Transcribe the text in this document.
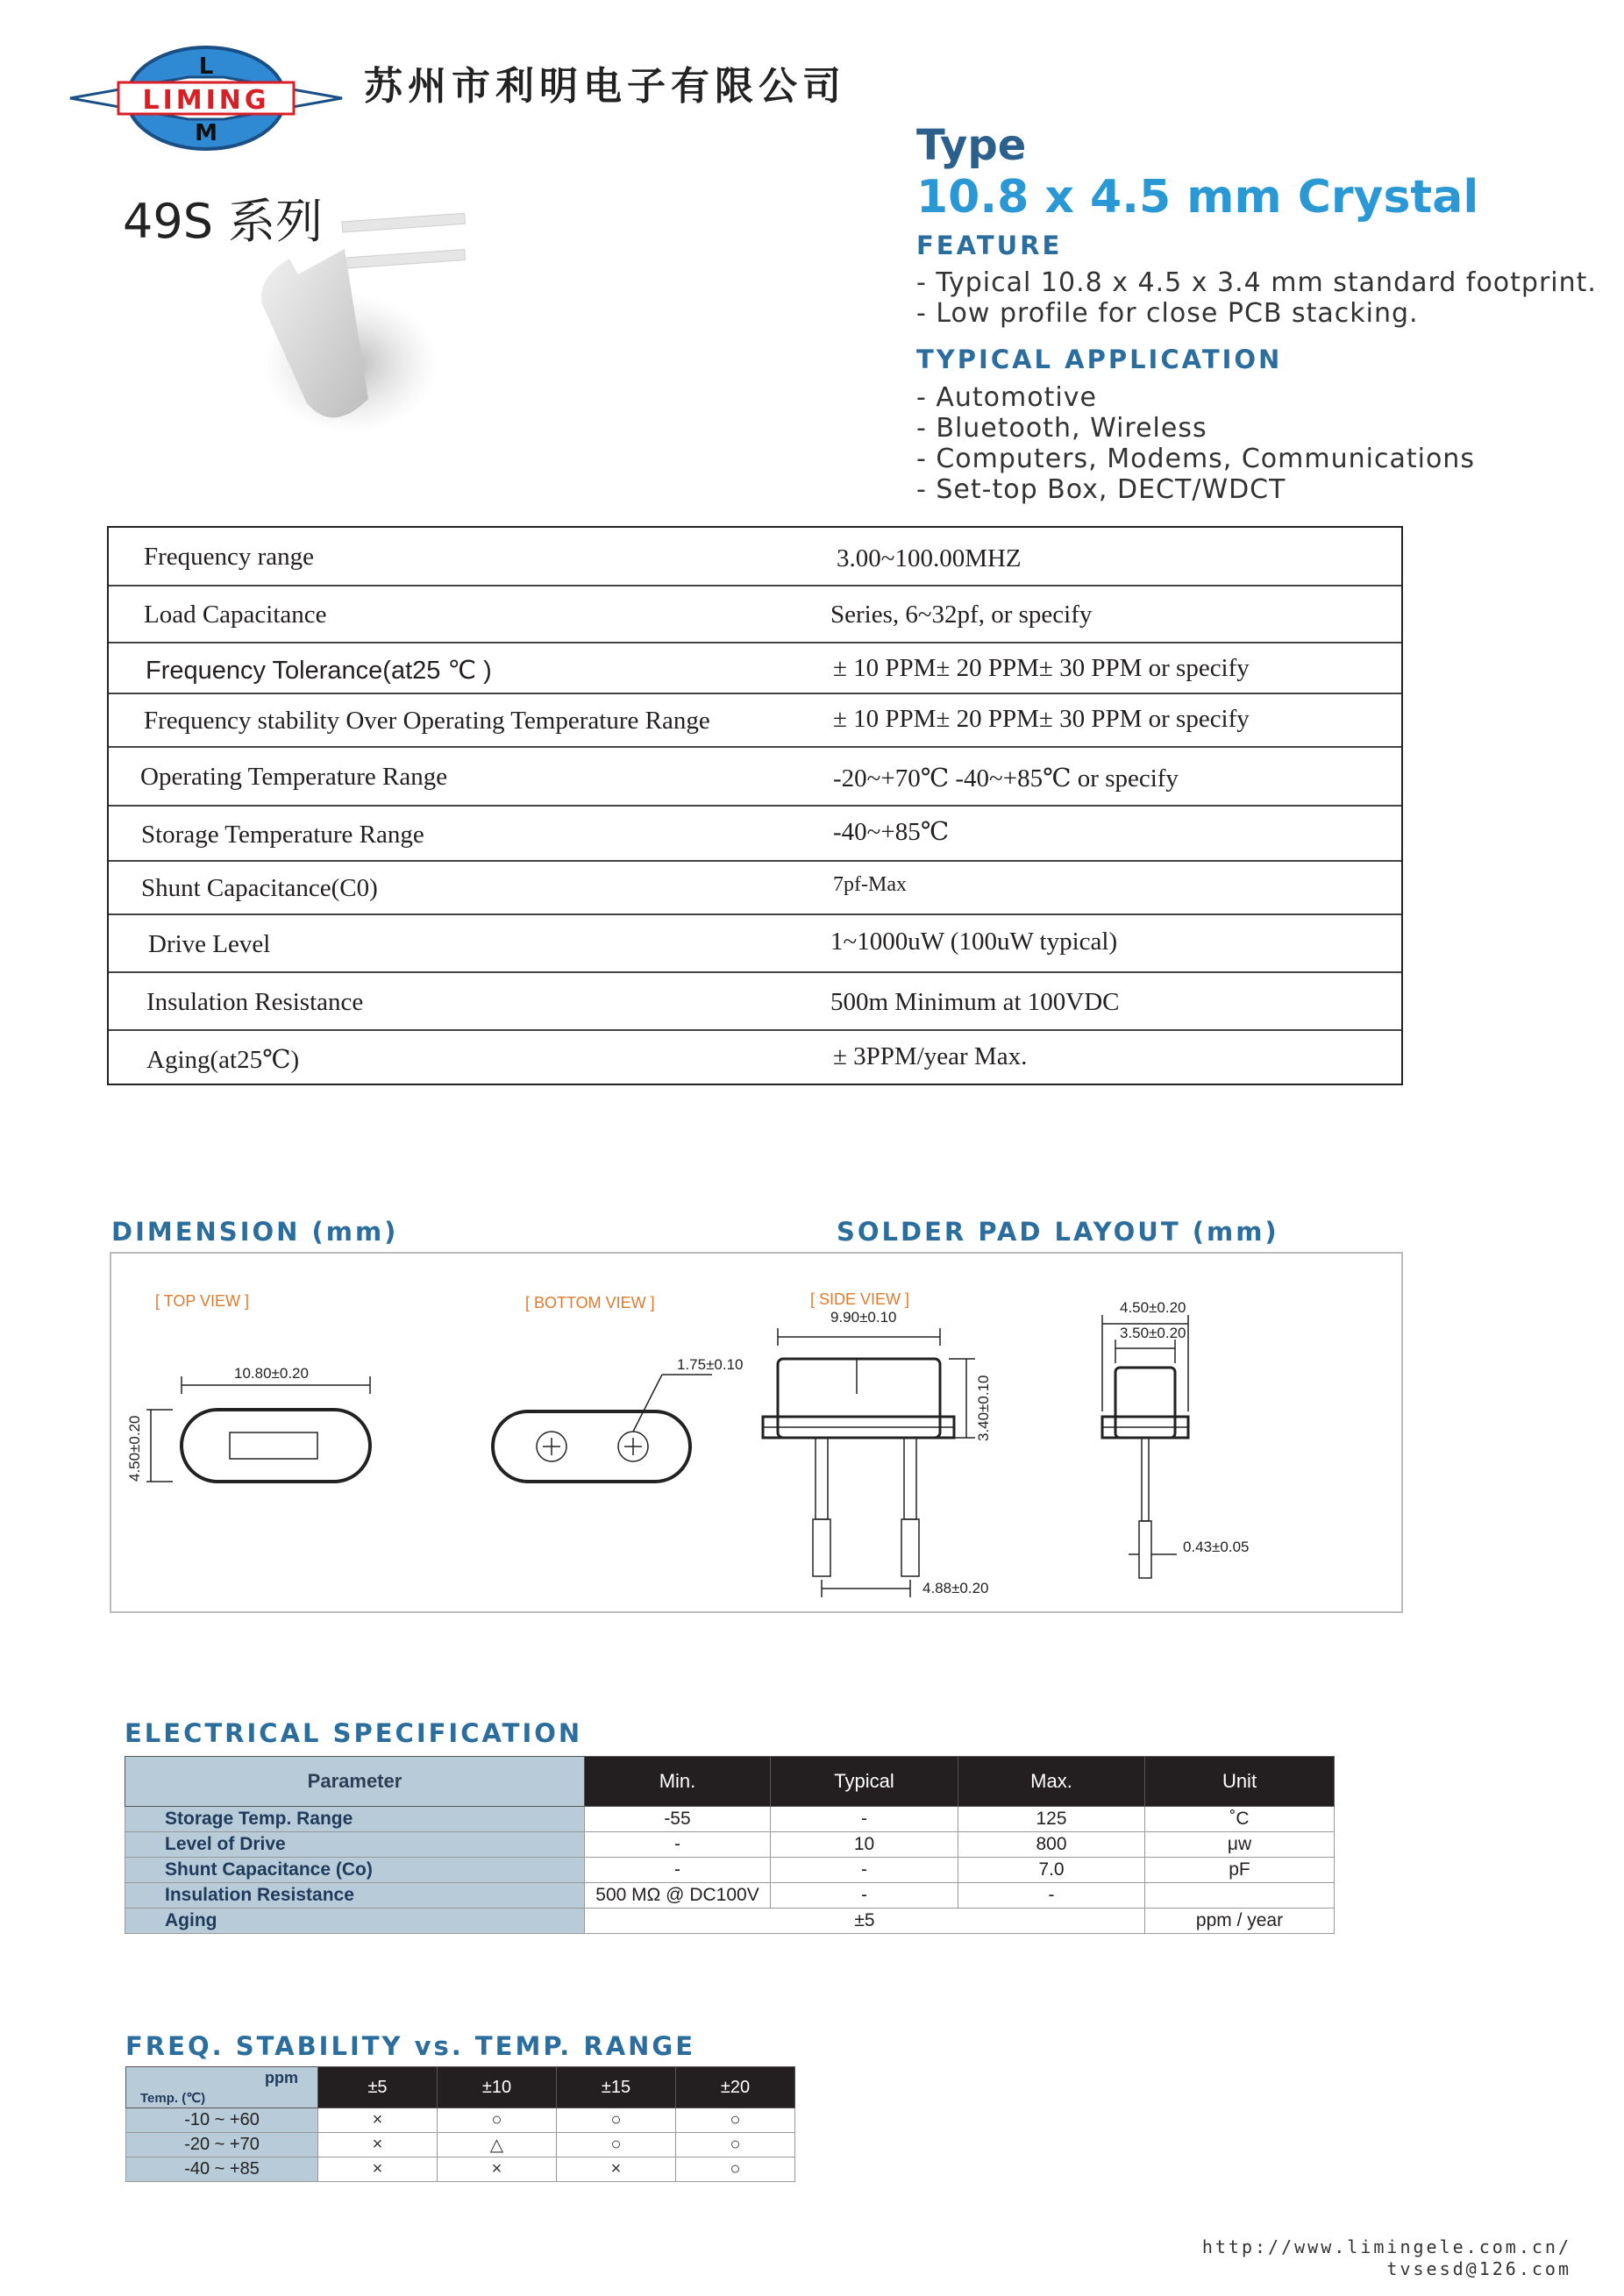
LIMING
L
M
苏州市利明电子有限公司
49S 系列
Type
10.8 x 4.5 mm Crystal
FEATURE
- Typical 10.8 x 4.5 x 3.4 mm standard footprint.
- Low profile for close PCB stacking.
TYPICAL APPLICATION
- Automotive
- Bluetooth, Wireless
- Computers, Modems, Communications
- Set-top Box, DECT/WDCT
Frequency range	3.00~100.00MHZ
Load Capacitance	Series, 6~32pf, or specify
Frequency Tolerance(at25 ℃ )	± 10 PPM± 20 PPM± 30 PPM or specify
Frequency stability Over Operating Temperature Range	± 10 PPM± 20 PPM± 30 PPM or specify
Operating Temperature Range	-20~+70℃ -40~+85℃ or specify
Storage Temperature Range	-40~+85℃
Shunt Capacitance(C0)	7pf-Max
Drive Level	1~1000uW (100uW typical)
Insulation Resistance	500m Minimum at 100VDC
Aging(at25℃)	± 3PPM/year Max.
DIMENSION (mm)	SOLDER PAD LAYOUT (mm)
[ TOP VIEW ]	[ BOTTOM VIEW ]	[ SIDE VIEW ]
10.80±0.20
4.50±0.20
1.75±0.10
9.90±0.10
3.40±0.10
4.88±0.20
4.50±0.20
3.50±0.20
0.43±0.05
ELECTRICAL SPECIFICATION
Parameter	Min.	Typical	Max.	Unit
Storage Temp. Range	-55	-	125	˚C
Level of Drive	-	10	800	μw
Shunt Capacitance (Co)	-	-	7.0	pF
Insulation Resistance	500 MΩ @ DC100V	-	-	
Aging	±5			ppm / year
FREQ. STABILITY vs. TEMP. RANGE
ppm
Temp. (℃)	±5	±10	±15	±20
-10 ~ +60	×	○	○	○
-20 ~ +70	×	△	○	○
-40 ~ +85	×	×	×	○
http://www.limingele.com.cn/
tvsesd@126.com
